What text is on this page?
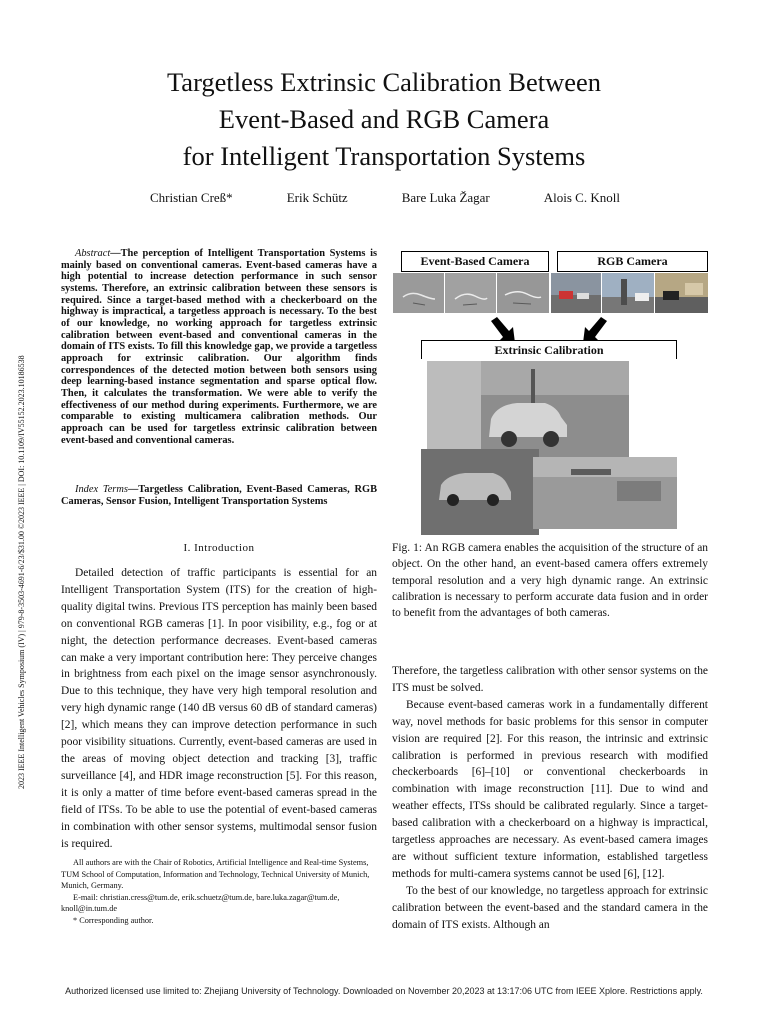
Targetless Extrinsic Calibration Between
Event-Based and RGB Camera
for Intelligent Transportation Systems
Christian Creß*	Erik Schütz	Bare Luka Žagar	Alois C. Knoll
2023 IEEE Intelligent Vehicles Symposium (IV) | 979-8-3503-4691-6/23/$31.00 ©2023 IEEE | DOI: 10.1109/IV55152.2023.10186538
Abstract—The perception of Intelligent Transportation Systems is mainly based on conventional cameras. Event-based cameras have a high potential to increase detection performance in such sensor systems. Therefore, an extrinsic calibration between these sensors is required. Since a target-based method with a checkerboard on the highway is impractical, a targetless approach is necessary. To the best of our knowledge, no working approach for targetless extrinsic calibration between event-based and conventional cameras in the domain of ITS exists. To fill this knowledge gap, we provide a targetless approach for extrinsic calibration. Our algorithm finds correspondences of the detected motion between both sensors using deep learning-based instance segmentation and sparse optical flow. Then, it calculates the transformation. We were able to verify the effectiveness of our method during experiments. Furthermore, we are comparable to existing multicamera calibration methods. Our approach can be used for targetless extrinsic calibration between event-based and conventional cameras.
Index Terms—Targetless Calibration, Event-Based Cameras, RGB Cameras, Sensor Fusion, Intelligent Transportation Systems
I. Introduction

Detailed detection of traffic participants is essential for an Intelligent Transportation System (ITS) for the creation of high-quality digital twins. Previous ITS perception has mainly been based on conventional RGB cameras [1]. In poor visibility, e.g., fog or at night, the detection performance decreases. Event-based cameras can make a very important contribution here: They perceive changes in brightness from each pixel on the image sensor asynchronously. Due to this technique, they have very high temporal resolution and very high dynamic range (140 dB versus 60 dB of standard cameras) [2], which means they can improve detection performance in such poor visibility situations. Currently, event-based cameras are used in the areas of moving object detection and tracking [3], traffic surveillance [4], and HDR image reconstruction [5]. For this reason, it is only a matter of time before event-based cameras spread in the field of ITSs. To be able to use the potential of event-based cameras in combination with other sensor systems, multimodal sensor fusion is required.

All authors are with the Chair of Robotics, Artificial Intelligence and Real-time Systems, TUM School of Computation, Information and Technology, Technical University of Munich, Munich, Germany.

E-mail: christian.cress@tum.de, erik.schuetz@tum.de, bare.luka.zagar@tum.de, knoll@in.tum.de

* Corresponding author.

Event-Based Camera	RGB Camera
Extrinsic Calibration

Fig. 1: An RGB camera enables the acquisition of the structure of an object. On the other hand, an event-based camera offers extremely temporal resolution and a very high dynamic range. An extrinsic calibration is necessary to perform accurate data fusion and in order to benefit from the advantages of both cameras.

Therefore, the targetless calibration with other sensor systems on the ITS must be solved.

Because event-based cameras work in a fundamentally different way, novel methods for basic problems for this sensor in computer vision are required [2]. For this reason, the intrinsic and extrinsic calibration is performed in previous research with modified checkerboards [6]–[10] or conventional checkerboards in combination with image reconstruction [11]. Due to wind and weather effects, ITSs should be calibrated regularly. Since a target-based calibration with a checkerboard on a highway is impractical, targetless approaches are necessary. As event-based camera images are without sufficient texture information, established targetless methods for multi-camera systems cannot be used [6], [12].

To the best of our knowledge, no targetless approach for extrinsic calibration between the event-based and the standard camera in the domain of ITS exists. Although an

Authorized licensed use limited to: Zhejiang University of Technology. Downloaded on November 20,2023 at 13:17:06 UTC from IEEE Xplore. Restrictions apply.
